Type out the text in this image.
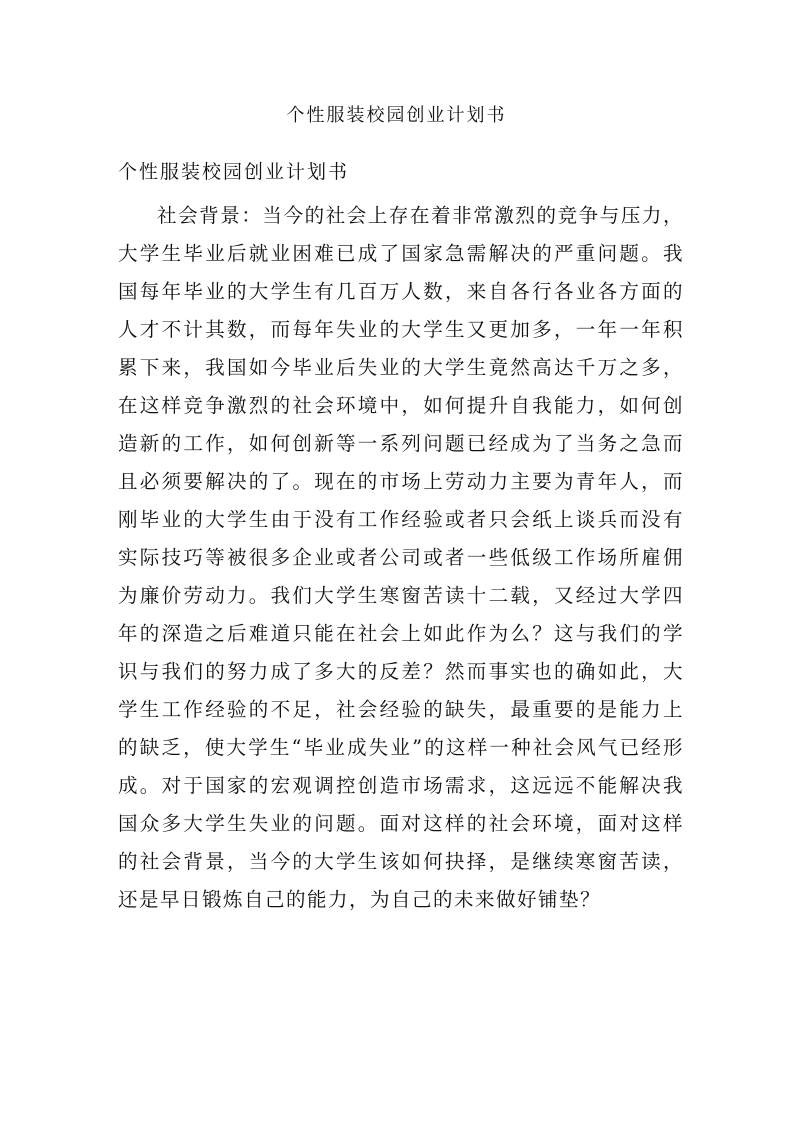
个性服装校园创业计划书
个性服装校园创业计划书

社会背景：当今的社会上存在着非常激烈的竞争与压力，大学生毕业后就业困难已成了国家急需解决的严重问题。我国每年毕业的大学生有几百万人数，来自各行各业各方面的人才不计其数，而每年失业的大学生又更加多，一年一年积累下来，我国如今毕业后失业的大学生竟然高达千万之多，在这样竞争激烈的社会环境中，如何提升自我能力，如何创造新的工作，如何创新等一系列问题已经成为了当务之急而且必须要解决的了。现在的市场上劳动力主要为青年人，而刚毕业的大学生由于没有工作经验或者只会纸上谈兵而没有实际技巧等被很多企业或者公司或者一些低级工作场所雇佣为廉价劳动力。我们大学生寒窗苦读十二载，又经过大学四年的深造之后难道只能在社会上如此作为么？这与我们的学识与我们的努力成了多大的反差？然而事实也的确如此，大学生工作经验的不足，社会经验的缺失，最重要的是能力上的缺乏，使大学生“毕业成失业”的这样一种社会风气已经形成。对于国家的宏观调控创造市场需求，这远远不能解决我国众多大学生失业的问题。面对这样的社会环境，面对这样的社会背景，当今的大学生该如何抉择，是继续寒窗苦读，还是早日锻炼自己的能力，为自己的未来做好铺垫？
